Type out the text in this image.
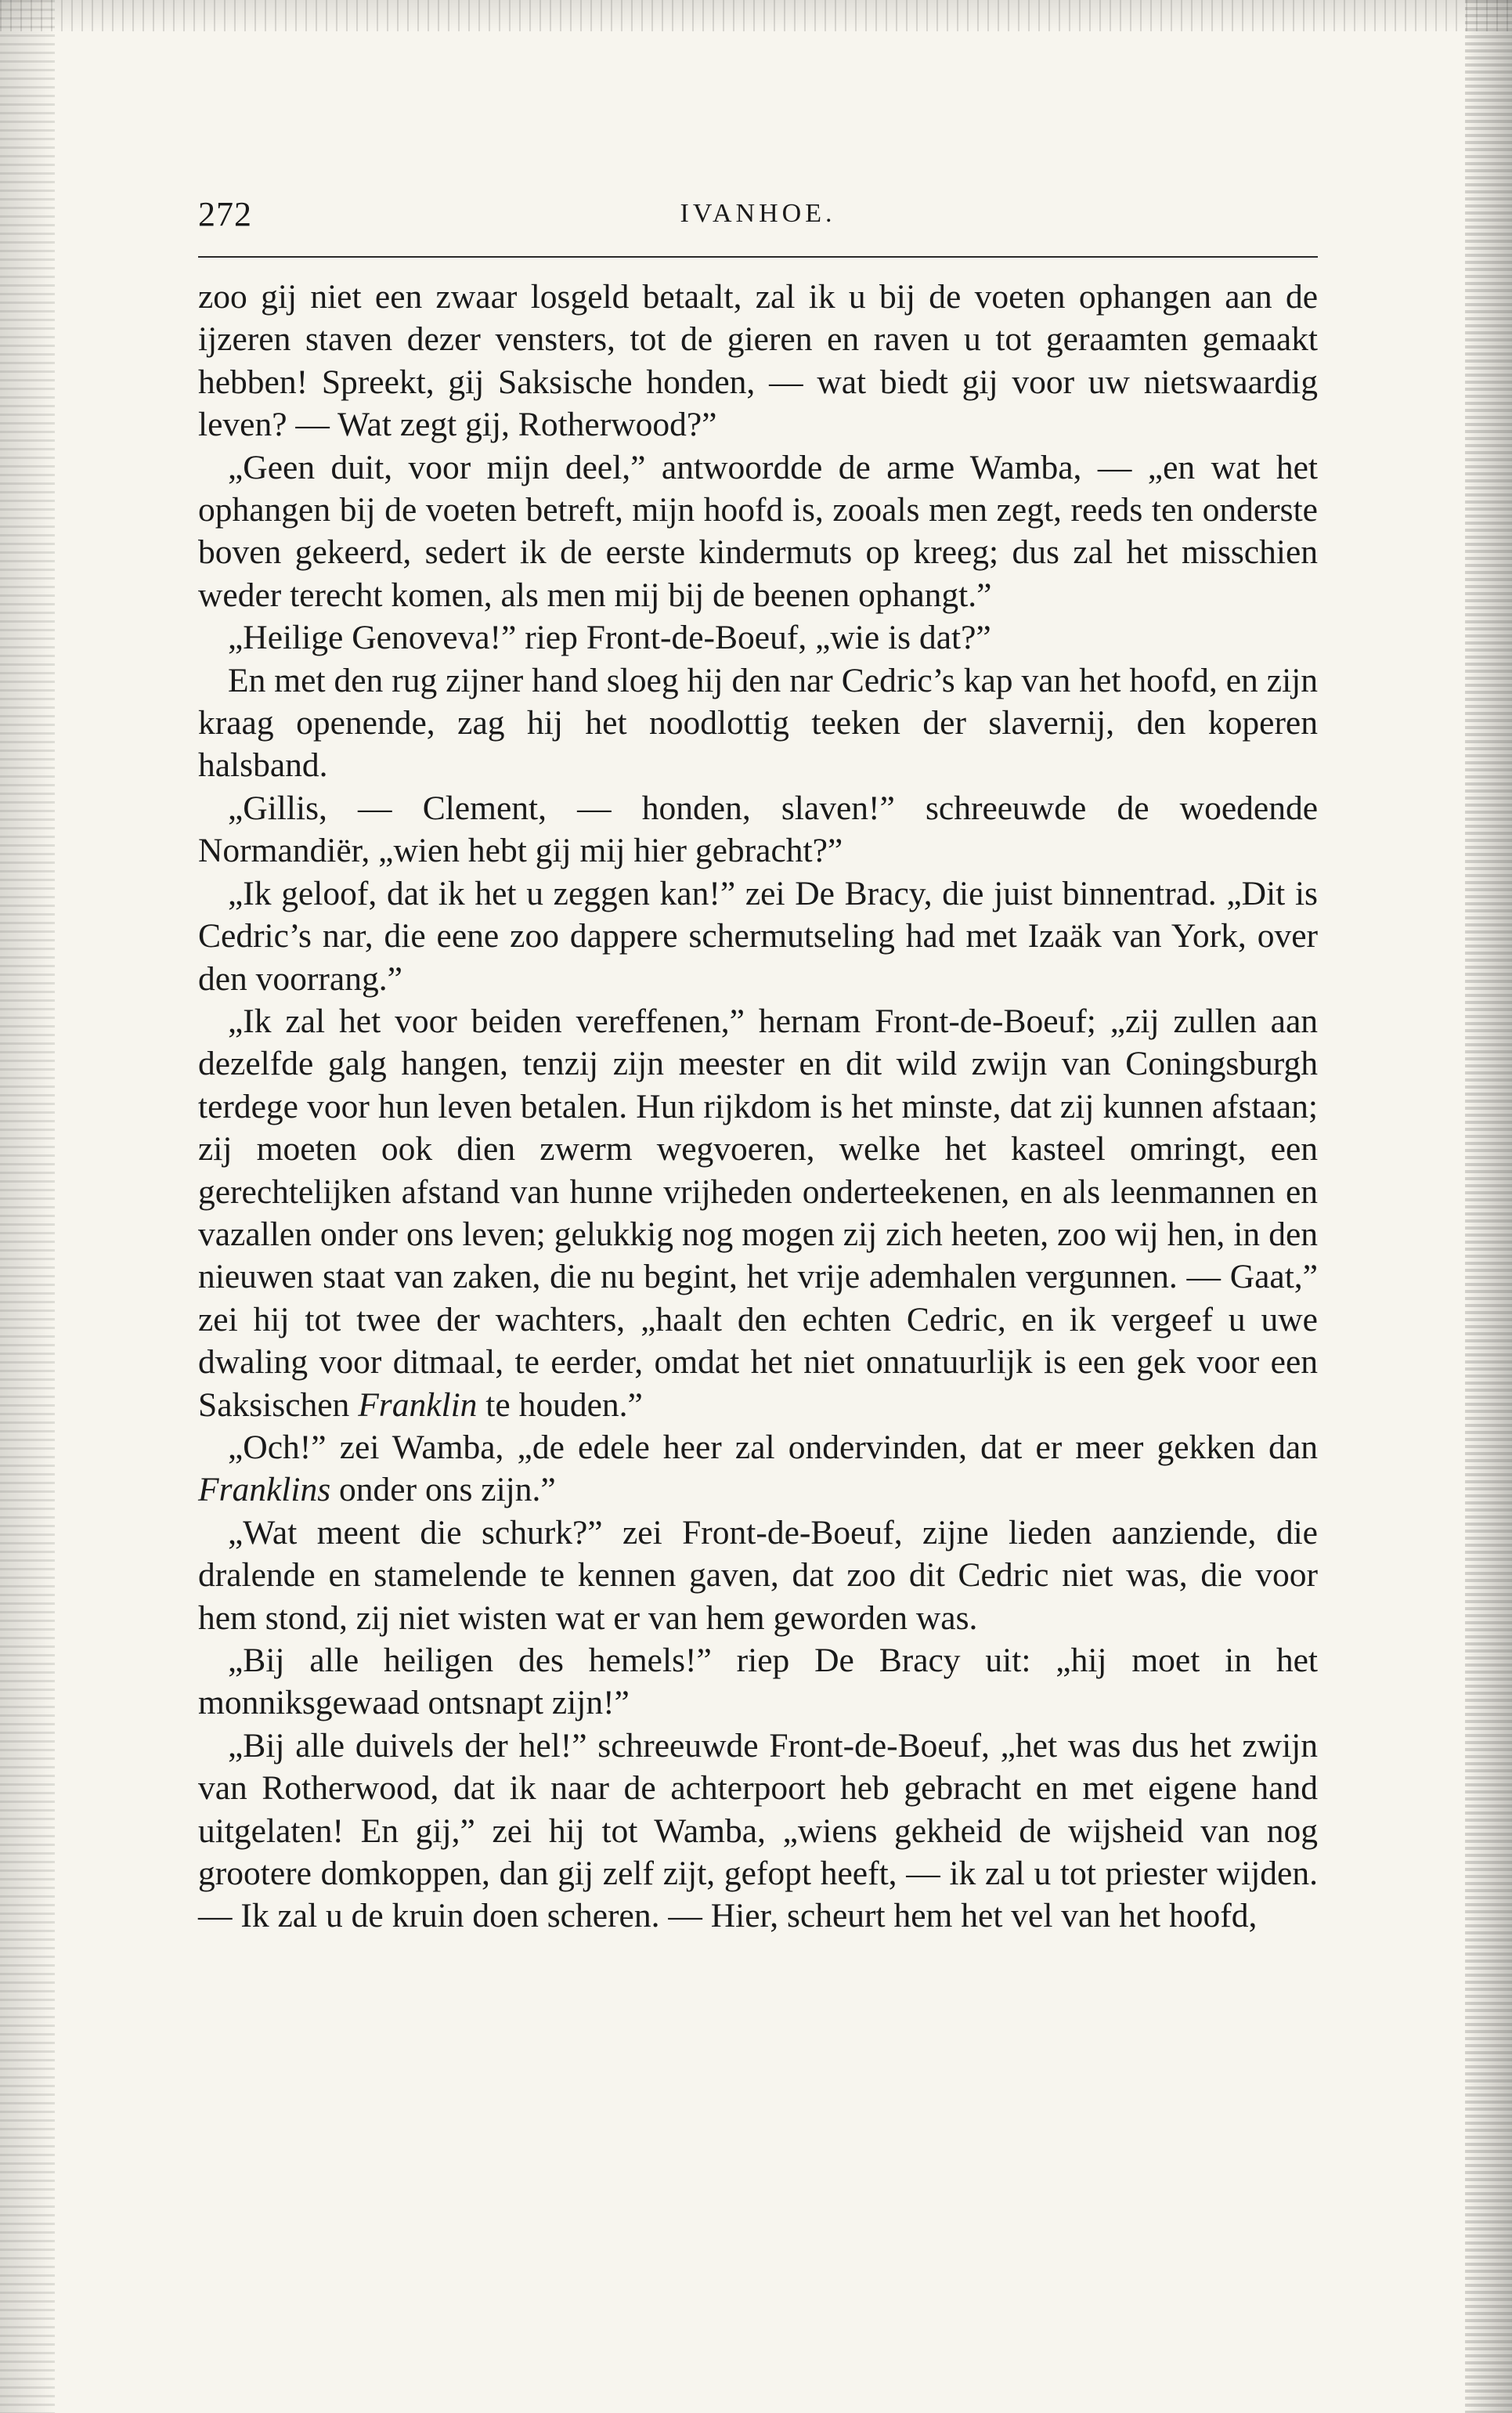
272	IVANHOE.

zoo gij niet een zwaar losgeld betaalt, zal ik u bij de voeten ophangen aan de ijzeren staven dezer vensters, tot de gieren en raven u tot geraamten gemaakt hebben! Spreekt, gij Saksische honden, — wat biedt gij voor uw nietswaardig leven? — Wat zegt gij, Rotherwood?”

„Geen duit, voor mijn deel,” antwoordde de arme Wamba, — „en wat het ophangen bij de voeten betreft, mijn hoofd is, zooals men zegt, reeds ten onderste boven gekeerd, sedert ik de eerste kindermuts op kreeg; dus zal het misschien weder terecht komen, als men mij bij de beenen ophangt.”

„Heilige Genoveva!” riep Front-de-Boeuf, „wie is dat?”

En met den rug zijner hand sloeg hij den nar Cedric’s kap van het hoofd, en zijn kraag openende, zag hij het noodlottig teeken der slavernij, den koperen halsband.

„Gillis, — Clement, — honden, slaven!” schreeuwde de woedende Normandiër, „wien hebt gij mij hier gebracht?”

„Ik geloof, dat ik het u zeggen kan!” zei De Bracy, die juist binnentrad. „Dit is Cedric’s nar, die eene zoo dappere schermutseling had met Izaäk van York, over den voorrang.”

„Ik zal het voor beiden vereffenen,” hernam Front-de-Boeuf; „zij zullen aan dezelfde galg hangen, tenzij zijn meester en dit wild zwijn van Coningsburgh terdege voor hun leven betalen. Hun rijkdom is het minste, dat zij kunnen afstaan; zij moeten ook dien zwerm wegvoeren, welke het kasteel omringt, een gerechtelijken afstand van hunne vrijheden onderteekenen, en als leenmannen en vazallen onder ons leven; gelukkig nog mogen zij zich heeten, zoo wij hen, in den nieuwen staat van zaken, die nu begint, het vrije ademhalen vergunnen. — Gaat,” zei hij tot twee der wachters, „haalt den echten Cedric, en ik vergeef u uwe dwaling voor ditmaal, te eerder, omdat het niet onnatuurlijk is een gek voor een Saksischen Franklin te houden.”

„Och!” zei Wamba, „de edele heer zal ondervinden, dat er meer gekken dan Franklins onder ons zijn.”

„Wat meent die schurk?” zei Front-de-Boeuf, zijne lieden aanziende, die dralende en stamelende te kennen gaven, dat zoo dit Cedric niet was, die voor hem stond, zij niet wisten wat er van hem geworden was.

„Bij alle heiligen des hemels!” riep De Bracy uit: „hij moet in het monniksgewaad ontsnapt zijn!”

„Bij alle duivels der hel!” schreeuwde Front-de-Boeuf, „het was dus het zwijn van Rotherwood, dat ik naar de achterpoort heb gebracht en met eigene hand uitgelaten! En gij,” zei hij tot Wamba, „wiens gekheid de wijsheid van nog grootere domkoppen, dan gij zelf zijt, gefopt heeft, — ik zal u tot priester wijden. — Ik zal u de kruin doen scheren. — Hier, scheurt hem het vel van het hoofd,
